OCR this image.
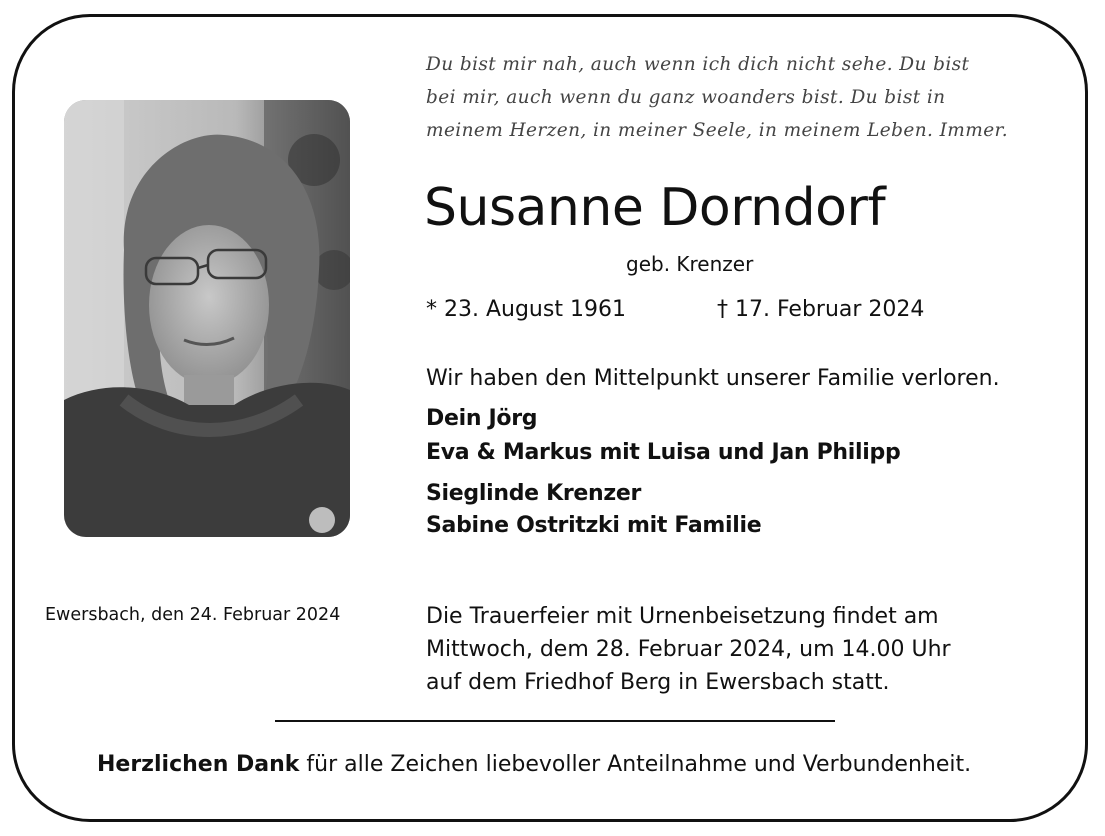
Du bist mir nah, auch wenn ich dich nicht sehe. Du bist
bei mir, auch wenn du ganz woanders bist. Du bist in
meinem Herzen, in meiner Seele, in meinem Leben. Immer.
Susanne Dorndorf
geb. Krenzer
* 23. August 1961	† 17. Februar 2024
Wir haben den Mittelpunkt unserer Familie verloren.
Dein Jörg
Eva & Markus mit Luisa und Jan Philipp
Sieglinde Krenzer
Sabine Ostritzki mit Familie
Ewersbach, den 24. Februar 2024	Die Trauerfeier mit Urnenbeisetzung findet am
Mittwoch, dem 28. Februar 2024, um 14.00 Uhr
auf dem Friedhof Berg in Ewersbach statt.
Herzlichen Dank für alle Zeichen liebevoller Anteilnahme und Verbundenheit.
